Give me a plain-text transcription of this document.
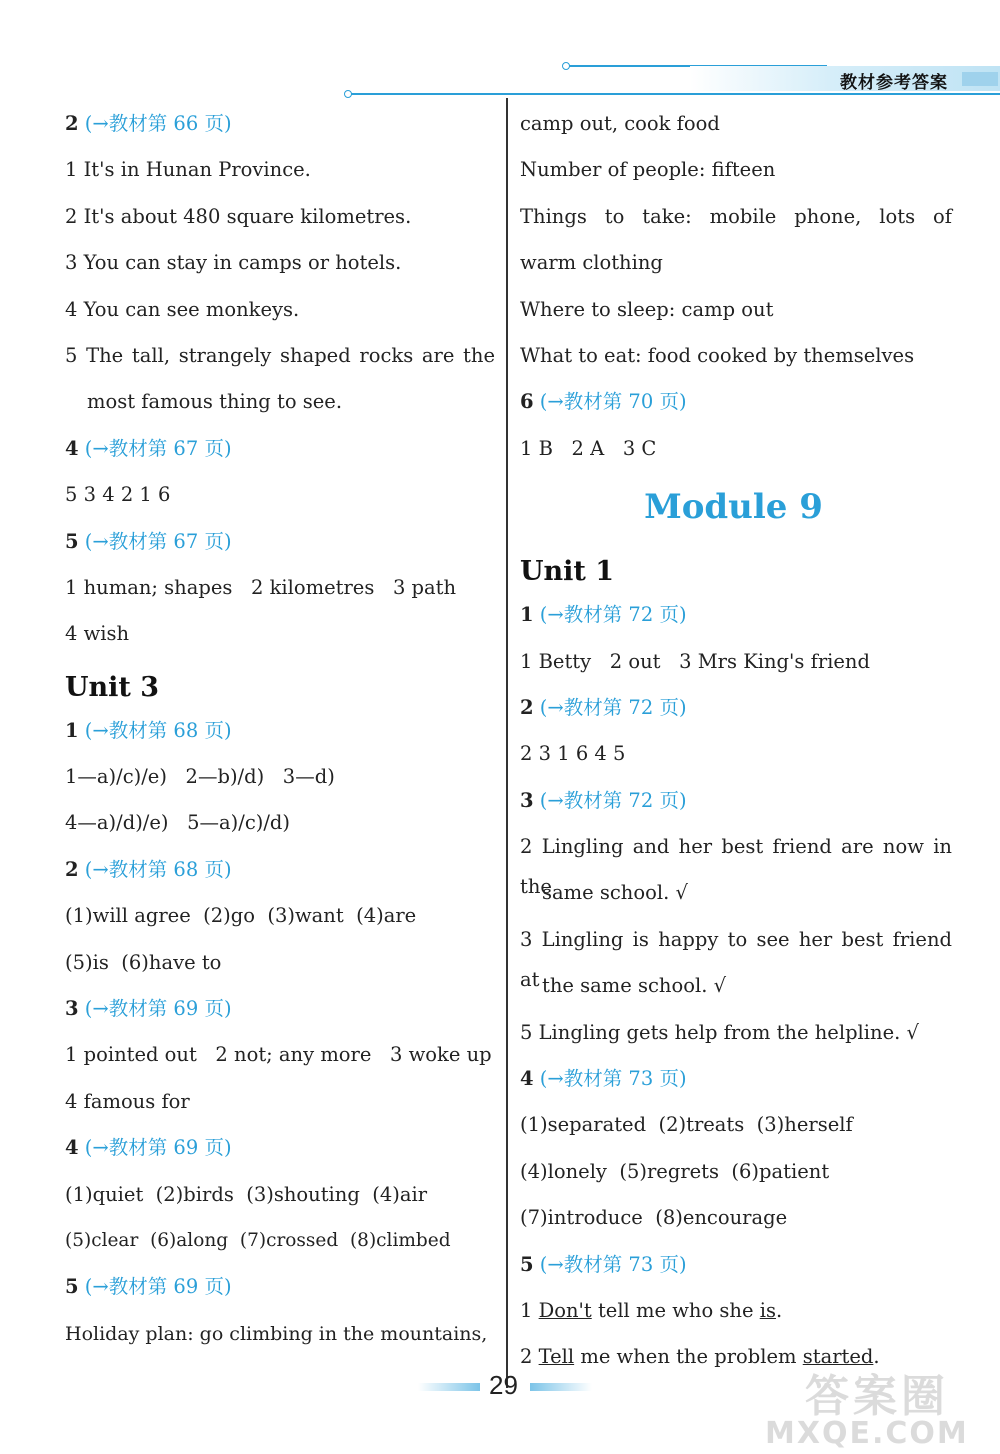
教材参考答案
2 (→教材第 66 页)
1 It's in Hunan Province.
2 It's about 480 square kilometres.
3 You can stay in camps or hotels.
4 You can see monkeys.
5 The tall, strangely shaped rocks are the
most famous thing to see.
4 (→教材第 67 页)
5 3 4 2 1 6
5 (→教材第 67 页)
1 human; shapes   2 kilometres   3 path
4 wish
Unit 3
1 (→教材第 68 页)
1—a)/c)/e)   2—b)/d)   3—d)
4—a)/d)/e)   5—a)/c)/d)
2 (→教材第 68 页)
(1)will agree  (2)go  (3)want  (4)are
(5)is  (6)have to
3 (→教材第 69 页)
1 pointed out   2 not; any more   3 woke up
4 famous for
4 (→教材第 69 页)
(1)quiet  (2)birds  (3)shouting  (4)air
(5)clear  (6)along  (7)crossed  (8)climbed
5 (→教材第 69 页)
Holiday plan: go climbing in the mountains,
camp out, cook food
Number of people: fifteen
Things to take: mobile phone, lots of
warm clothing
Where to sleep: camp out
What to eat: food cooked by themselves
6 (→教材第 70 页)
1 B   2 A   3 C
Module 9
Unit 1
1 (→教材第 72 页)
1 Betty   2 out   3 Mrs King's friend
2 (→教材第 72 页)
2 3 1 6 4 5
3 (→教材第 72 页)
2 Lingling and her best friend are now in the
same school. √
3 Lingling is happy to see her best friend at the same school. √
5 Lingling gets help from the helpline. √
4 (→教材第 73 页)
(1)separated  (2)treats  (3)herself
(4)lonely  (5)regrets  (6)patient
(7)introduce  (8)encourage
5 (→教材第 73 页)
1 Don't tell me who she is.
2 Tell me when the problem started.
29	答案圈
MXQE.COM
